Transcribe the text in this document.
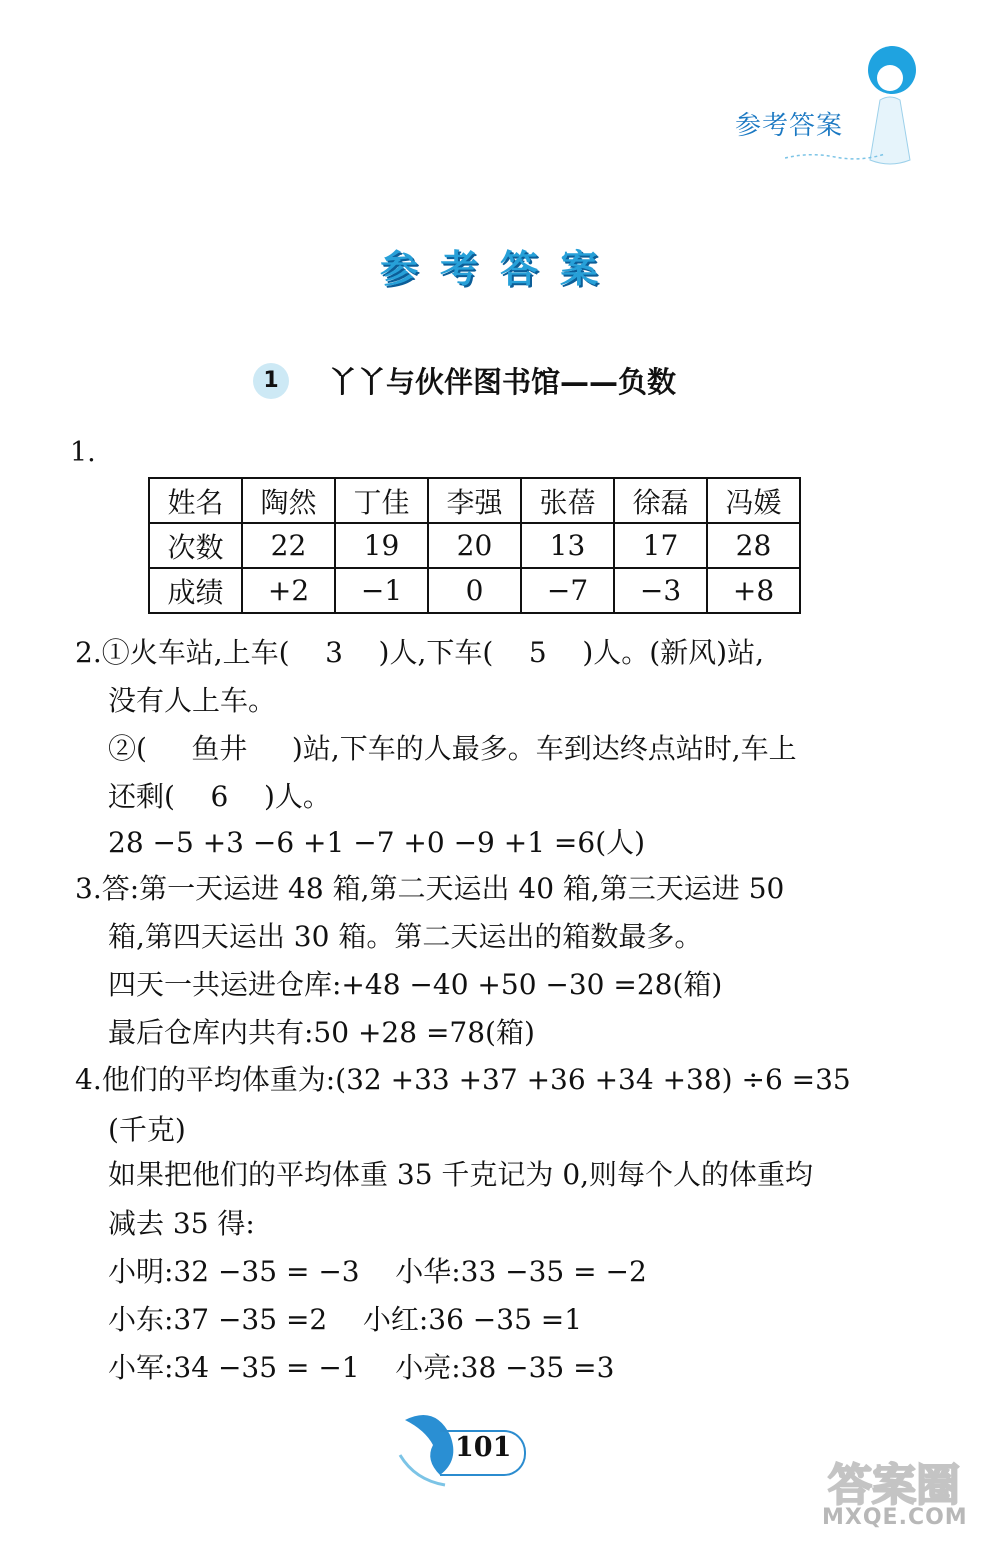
参考答案
参考答案
1	丫丫与伙伴图书馆——负数
1.
姓名	陶然	丁佳	李强	张蓓	徐磊	冯媛
次数	22	19	20	13	17	28
成绩	+2	−1	0	−7	−3	+8
2.①火车站,上车(    3    )人,下车(    5    )人。(新风)站,
没有人上车。
②(     鱼井     )站,下车的人最多。车到达终点站时,车上
还剩(    6    )人。
28 −5 +3 −6 +1 −7 +0 −9 +1 =6(人)
3.答:第一天运进 48 箱,第二天运出 40 箱,第三天运进 50
箱,第四天运出 30 箱。第二天运出的箱数最多。
四天一共运进仓库:+48 −40 +50 −30 =28(箱)
最后仓库内共有:50 +28 =78(箱)
4.他们的平均体重为:(32 +33 +37 +36 +34 +38) ÷6 =35
(千克)
如果把他们的平均体重 35 千克记为 0,则每个人的体重均
减去 35 得:
小明:32 −35 = −3    小华:33 −35 = −2
小东:37 −35 =2    小红:36 −35 =1
小军:34 −35 = −1    小亮:38 −35 =3
101
答案圈
MXQE.COM
